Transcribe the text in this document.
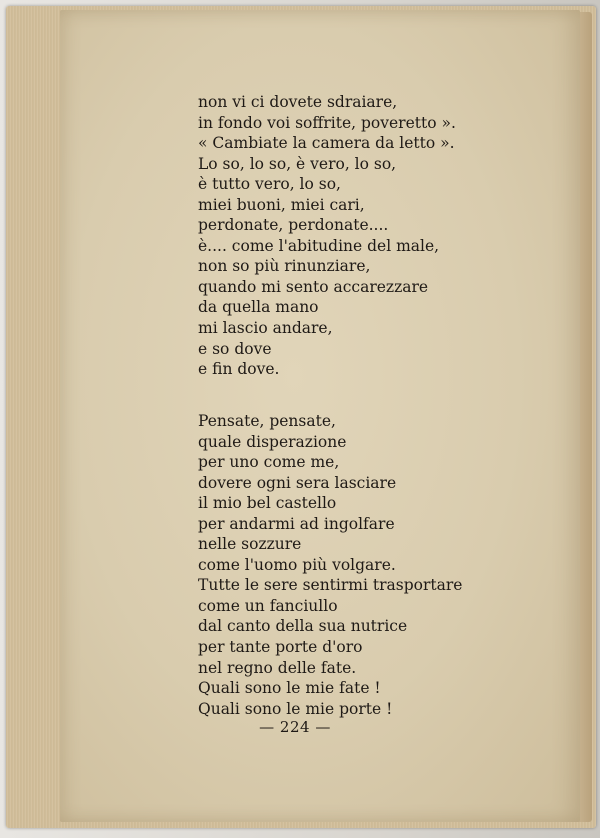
non vi ci dovete sdraiare,
in fondo voi soffrite, poveretto ».
« Cambiate la camera da letto ».
Lo so, lo so, è vero, lo so,
è tutto vero, lo so,
miei buoni, miei cari,
perdonate, perdonate....
è.... come l'abitudine del male,
non so più rinunziare,
quando mi sento accarezzare
da quella mano
mi lascio andare,
e so dove
e fin dove.
Pensate, pensate,
quale disperazione
per uno come me,
dovere ogni sera lasciare
il mio bel castello
per andarmi ad ingolfare
nelle sozzure
come l'uomo più volgare.
Tutte le sere sentirmi trasportare
come un fanciullo
dal canto della sua nutrice
per tante porte d'oro
nel regno delle fate.
Quali sono le mie fate !
Quali sono le mie porte !
— 224 —
